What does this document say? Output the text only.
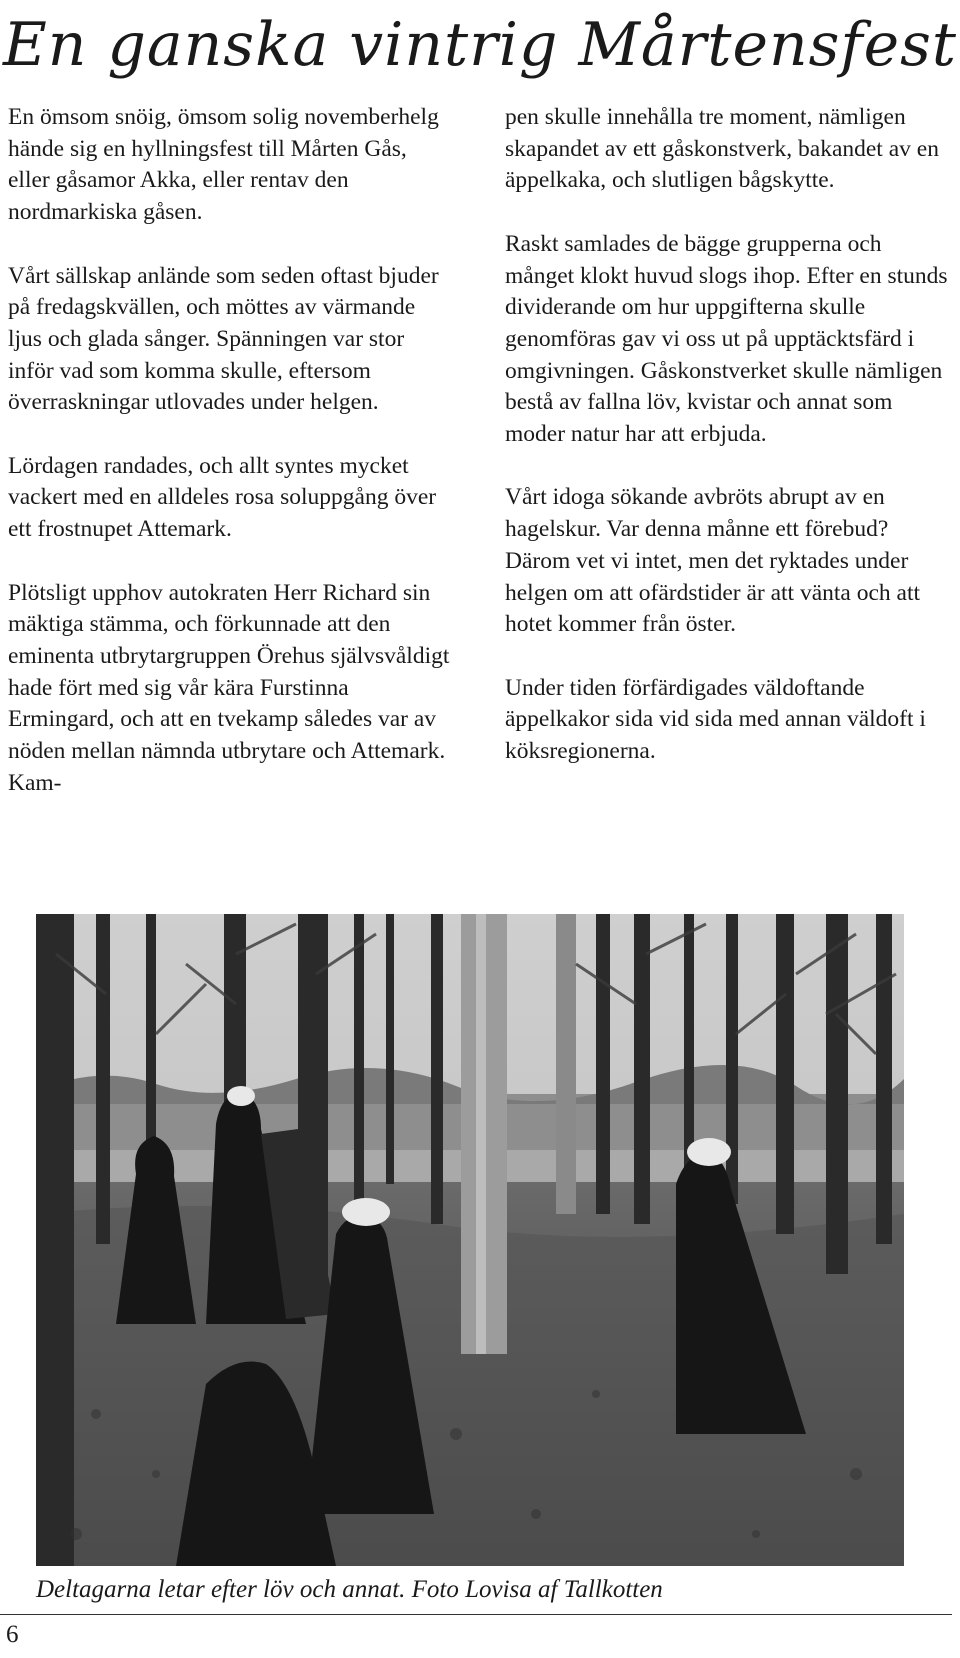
En ganska vintrig Mårtensfest

En ömsom snöig, ömsom solig novemberhelg hände sig en hyllningsfest till Mårten Gås, eller gåsamor Akka, eller rentav den nordmarkiska gåsen.

Vårt sällskap anlände som seden oftast bjuder på fredagskvällen, och möttes av värmande ljus och glada sånger. Spänningen var stor inför vad som komma skulle, eftersom överraskningar utlovades under helgen.

Lördagen randades, och allt syntes mycket vackert med en alldeles rosa soluppgång över ett frostnupet Attemark.

Plötsligt upphov autokraten Herr Richard sin mäktiga stämma, och förkunnade att den eminenta utbrytargruppen Örehus självsvåldigt hade fört med sig vår kära Furstinna Ermingard, och att en tvekamp således var av nöden mellan nämnda utbrytare och Attemark. Kam-

pen skulle innehålla tre moment, nämligen skapandet av ett gåskonstverk, bakandet av en äppelkaka, och slutligen bågskytte.

Raskt samlades de bägge grupperna och månget klokt huvud slogs ihop. Efter en stunds dividerande om hur uppgifterna skulle genomföras gav vi oss ut på upptäcktsfärd i omgivningen. Gåskonstverket skulle nämligen bestå av fallna löv, kvistar och annat som moder natur har att erbjuda.

Vårt idoga sökande avbröts abrupt av en hagelskur. Var denna månne ett förebud? Därom vet vi intet, men det ryktades under helgen om att ofärdstider är att vänta och att hotet kommer från öster.

Under tiden förfärdigades väldoftande äppelkakor sida vid sida med annan väldoft i köksregionerna.

Deltagarna letar efter löv och annat. Foto Lovisa af Tallkotten
6
